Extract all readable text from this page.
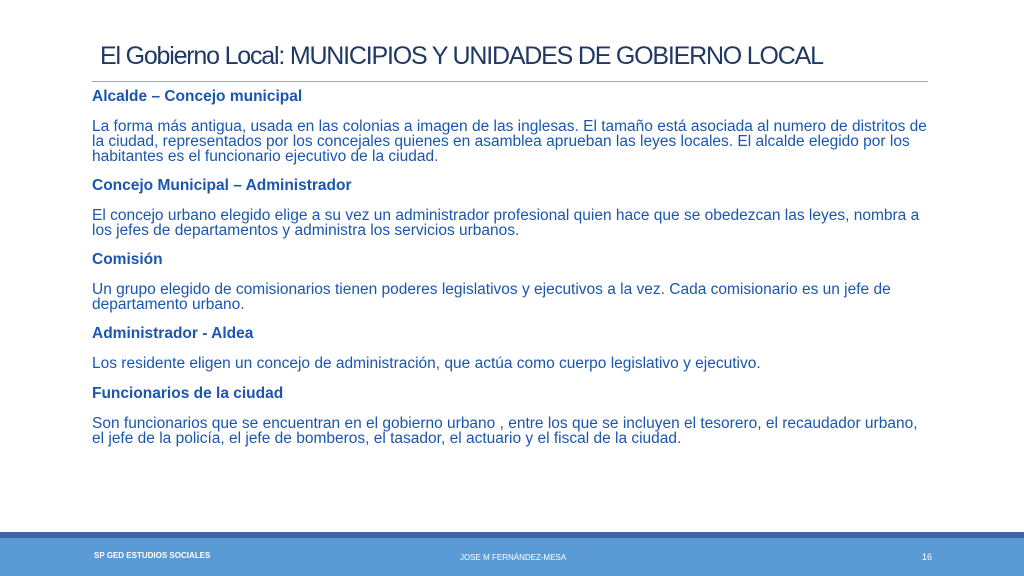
El Gobierno Local: MUNICIPIOS Y UNIDADES DE GOBIERNO LOCAL
Alcalde – Concejo municipal
La forma más antigua, usada en las colonias a imagen de las inglesas. El tamaño está asociada al numero de distritos de la ciudad, representados por los concejales quienes en asamblea aprueban las leyes locales. El alcalde elegido por los habitantes es el funcionario ejecutivo de la ciudad.
Concejo Municipal – Administrador
El concejo urbano elegido elige a su vez un administrador profesional quien hace que se obedezcan las leyes, nombra a los jefes de departamentos y administra los servicios urbanos.
Comisión
Un grupo elegido de comisionarios tienen poderes legislativos y ejecutivos a la vez. Cada comisionario es un jefe de departamento urbano.
Administrador - Aldea
Los residente eligen un concejo de administración, que actúa como cuerpo legislativo y ejecutivo.
Funcionarios de la ciudad
Son funcionarios que se encuentran en el gobierno urbano , entre los que se incluyen el tesorero, el recaudador urbano, el jefe de la policía, el jefe de bomberos, el tasador, el actuario y el fiscal de la ciudad.
SP GED ESTUDIOS SOCIALES	JOSE M FERNÁNDEZ-MESA	16
